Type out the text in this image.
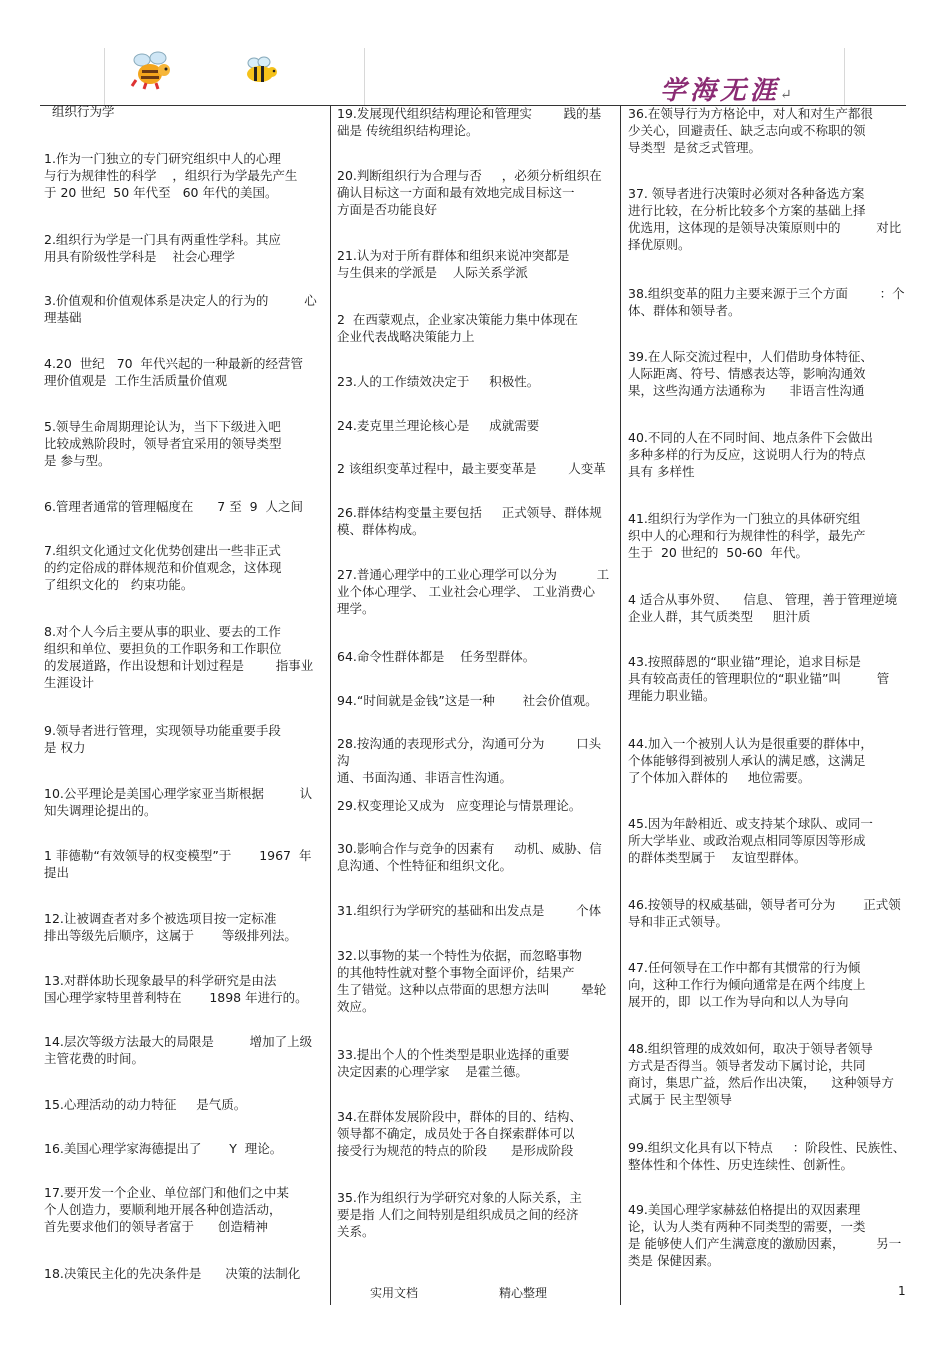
学海无涯↵

组织行为学

1.作为一门独立的专门研究组织中人的心理
与行为规律性的科学    ，组织行为学最先产生
于 20 世纪  50 年代至   60 年代的美国。

2.组织行为学是一门具有两重性学科。其应
用具有阶级性学科是    社会心理学

3.价值观和价值观体系是决定人的行为的         心
理基础

4.20  世纪   70  年代兴起的一种最新的经营管
理价值观是  工作生活质量价值观

5.领导生命周期理论认为，当下下级进入吧
比较成熟阶段时，领导者宜采用的领导类型
是 参与型。

6.管理者通常的管理幅度在      7 至  9  人之间

7.组织文化通过文化优势创建出一些非正式
的约定俗成的群体规范和价值观念，这体现
了组织文化的   约束功能。

8.对个人今后主要从事的职业、要去的工作
组织和单位、要担负的工作职务和工作职位
的发展道路，作出设想和计划过程是        指事业
生涯设计

9.领导者进行管理，实现领导功能重要手段
是 权力

10.公平理论是美国心理学家亚当斯根据         认
知失调理论提出的。

1 菲德勒“有效领导的权变模型”于       1967  年
提出

12.让被调查者对多个被选项目按一定标准
排出等级先后顺序，这属于       等级排列法。

13.对群体助长现象最早的科学研究是由法
国心理学家特里普利特在       1898 年进行的。

14.层次等级方法最大的局限是         增加了上级
主管花费的时间。

15.心理活动的动力特征     是气质。

16.美国心理学家海德提出了       Y  理论。

17.要开发一个企业、单位部门和他们之中某
个人创造力，要顺利地开展各种创造活动，
首先要求他们的领导者富于      创造精神

18.决策民主化的先决条件是      决策的法制化

19.发展现代组织结构理论和管理实        践的基
础是 传统组织结构理论。

20.判断组织行为合理与否     ，必须分析组织在
确认目标这一方面和最有效地完成目标这一
方面是否功能良好

21.认为对于所有群体和组织来说冲突都是
与生俱来的学派是    人际关系学派

2  在西蒙观点，企业家决策能力集中体现在
企业代表战略决策能力上

23.人的工作绩效决定于     积极性。

24.麦克里兰理论核心是     成就需要

2 该组织变革过程中，最主要变革是        人变革

26.群体结构变量主要包括     正式领导、群体规
模、群体构成。

27.普通心理学中的工业心理学可以分为          工
业个体心理学、 工业社会心理学、 工业消费心
理学。

64.命令性群体都是    任务型群体。

94.“时间就是金钱”这是一种       社会价值观。

28.按沟通的表现形式分，沟通可分为        口头沟
通、书面沟通、非语言性沟通。

29.权变理论又成为   应变理论与情景理论。

30.影响合作与竞争的因素有     动机、威胁、信
息沟通、个性特征和组织文化。

31.组织行为学研究的基础和出发点是        个体

32.以事物的某一个特性为依据，而忽略事物
的其他特性就对整个事物全面评价，结果产
生了错觉。这种以点带面的思想方法叫        晕轮
效应。

33.提出个人的个性类型是职业选择的重要
决定因素的心理学家    是霍兰德。

34.在群体发展阶段中，群体的目的、结构、
领导都不确定，成员处于各自探索群体可以
接受行为规范的特点的阶段      是形成阶段

35.作为组织行为学研究对象的人际关系，主
要是指 人们之间特别是组织成员之间的经济
关系。

36.在领导行为方格论中，对人和对生产都很
少关心，回避责任、缺乏志向或不称职的领
导类型  是贫乏式管理。

37. 领导者进行决策时必须对各种备选方案
进行比较，在分析比较多个方案的基础上择
优选用，这体现的是领导决策原则中的         对比
择优原则。

38.组织变革的阻力主要来源于三个方面        ：个
体、群体和领导者。

39.在人际交流过程中，人们借助身体特征、
人际距离、符号、情感表达等，影响沟通效
果，这些沟通方法通称为      非语言性沟通

40.不同的人在不同时间、地点条件下会做出
多种多样的行为反应，这说明人行为的特点
具有 多样性

41.组织行为学作为一门独立的具体研究组
织中人的心理和行为规律性的科学，最先产
生于  20 世纪的  50-60  年代。

4 适合从事外贸、    信息、 管理，善于管理逆境
企业人群，其气质类型     胆汁质

43.按照薛恩的“职业锚”理论，追求目标是
具有较高责任的管理职位的“职业锚”叫         管
理能力职业锚。

44.加入一个被别人认为是很重要的群体中，
个体能够得到被别人承认的满足感，这满足
了个体加入群体的     地位需要。

45.因为年龄相近、或支持某个球队、或同一
所大学毕业、或政治观点相同等原因等形成
的群体类型属于    友谊型群体。

46.按领导的权威基础，领导者可分为       正式领
导和非正式领导。

47.任何领导在工作中都有其惯常的行为倾
向，这种工作行为倾向通常是在两个纬度上
展开的，即  以工作为导向和以人为导向

48.组织管理的成效如何，取决于领导者领导
方式是否得当。领导者发动下属讨论，共同
商讨，集思广益，然后作出决策，    这种领导方
式属于 民主型领导

99.组织文化具有以下特点     ：阶段性、民族性、
整体性和个体性、历史连续性、创新性。

49.美国心理学家赫兹伯格提出的双因素理
论，认为人类有两种不同类型的需要，一类
是 能够使人们产生满意度的激励因素，        另一
类是 保健因素。

实用文档	精心整理	1
